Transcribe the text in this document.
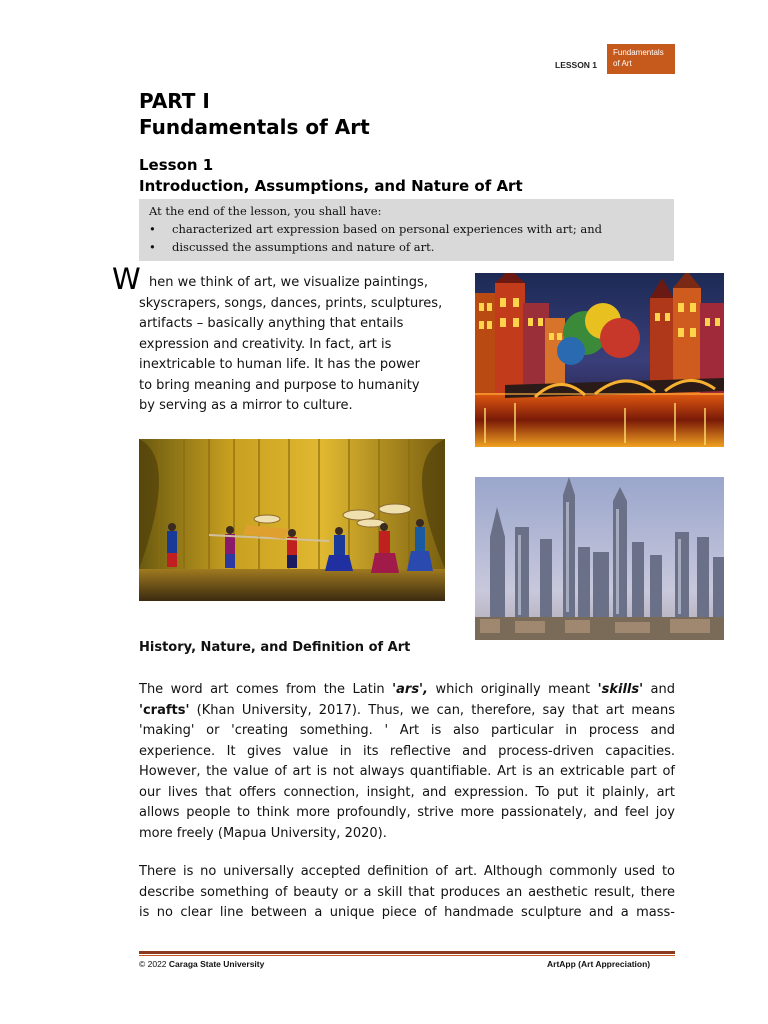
LESSON 1
Fundamentals
of Art
PART I
Fundamentals of Art
Lesson 1
Introduction, Assumptions, and Nature of Art
At the end of the lesson, you shall have:
• characterized art expression based on personal experiences with art; and
• discussed the assumptions and nature of art.
W hen we think of art, we visualize paintings,
skyscrapers, songs, dances, prints, sculptures,
artifacts – basically anything that entails
expression and creativity. In fact, art is
inextricable to human life. It has the power
to bring meaning and purpose to humanity
by serving as a mirror to culture.
History, Nature, and Definition of Art
The word art comes from the Latin 'ars', which originally meant 'skills' and
'crafts' (Khan University, 2017). Thus, we can, therefore, say that art means
'making' or 'creating something. ' Art is also particular in process and
experience. It gives value in its reflective and process-driven capacities.
However, the value of art is not always quantifiable. Art is an extricable part of
our lives that offers connection, insight, and expression. To put it plainly, art
allows people to think more profoundly, strive more passionately, and feel joy
more freely (Mapua University, 2020).
There is no universally accepted definition of art. Although commonly used to
describe something of beauty or a skill that produces an aesthetic result, there
is no clear line between a unique piece of handmade sculpture and a mass-
© 2022 Caraga State University	ArtApp (Art Appreciation)
